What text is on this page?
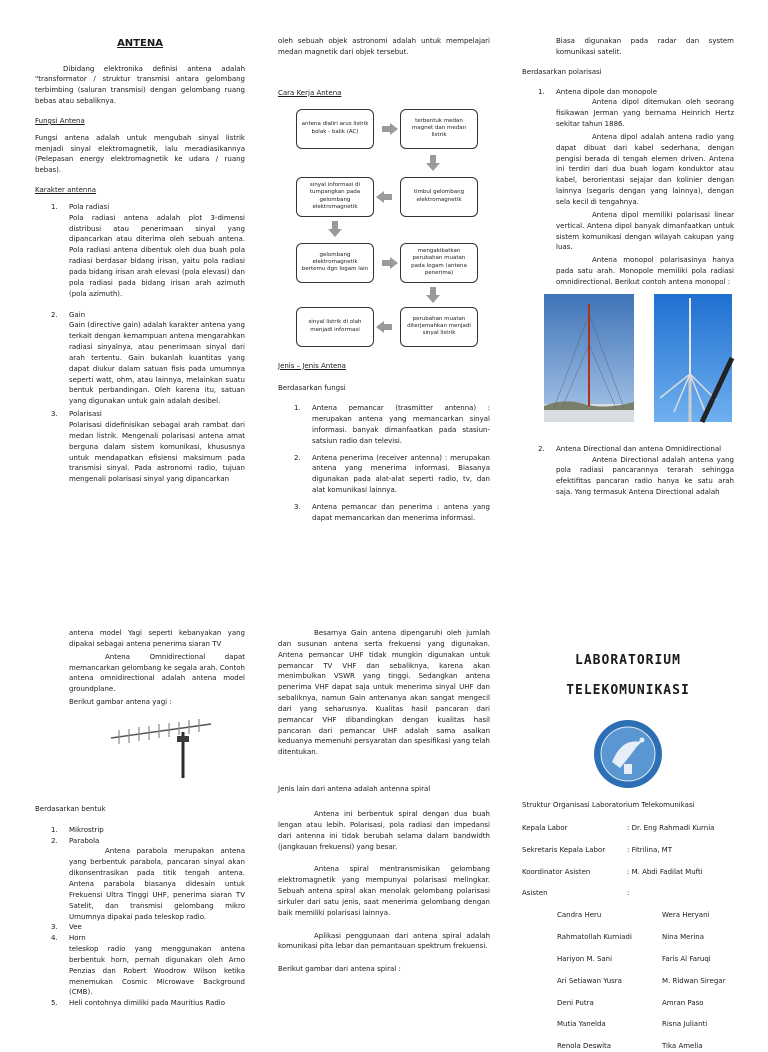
ANTENA
Dibidang elektronika definisi antena adalah "transformator / struktur transmisi antara gelombang terbimbing (saluran transmisi) dengan gelombang ruang bebas atau sebaliknya.
Fungsi Antena
Fungsi antena adalah untuk mengubah sinyal listrik menjadi sinyal elektromagnetik, lalu meradiasikannya (Pelepasan energy elektromagnetik ke udara / ruang bebas).
Karakter antenna
1. Pola radiasi
Pola radiasi antena adalah plot 3-dimensi distribusi atau penerimaan sinyal yang dipancarkan atau diterima oleh sebuah antena. Pola radiasi antena dibentuk oleh dua buah pola radiasi berdasar bidang irisan, yaitu pola radiasi pada bidang irisan arah elevasi (pola elevasi) dan pola radiasi pada bidang irisan arah azimuth (pola azimuth).
2. Gain
Gain (directive gain) adalah karakter antena yang terkait dengan kemampuan antena mengarahkan radiasi sinyalnya, atau penerimaan sinyal dari arah tertentu. Gain bukanlah kuantitas yang dapat diukur dalam satuan fisis pada umumnya seperti watt, ohm, atau lainnya, melainkan suatu bentuk perbandingan. Oleh karena itu, satuan yang digunakan untuk gain adalah desibel.
3. Polarisasi
Polarisasi didefinisikan sebagai arah rambat dari medan listrik. Mengenali polarisasi antena amat berguna dalam sistem komunikasi, khususnya untuk mendapatkan efisiensi maksimum pada transmisi sinyal. Pada astronomi radio, tujuan mengenali polarisasi sinyal yang dipancarkan
oleh sebuah objek astronomi adalah untuk mempelajari medan magnetik dari objek tersebut.
Cara Kerja Antena
antena dialiri arus listrik bolak - balik (AC)
terbentuk medan magnet dan medan listrik
sinyal informasi di tumpangkan pada gelombang elektromagnetik
timbul gelombang elektromagnetik
gelombang elektromagnetik bertemu dgn logam lain
mengakibatkan perubahan muatan pada logam (antena penerima)
sinyal listrik di olah menjadi informasi
perubahan muatan diterjemahkan menjadi sinyal listrik
Jenis – Jenis Antena
Berdasarkan fungsi
1. Antena pemancar (trasmitter antenna) : merupakan antena yang memancarkan sinyal informasi. banyak dimanfaatkan pada stasiun-satsiun radio dan televisi.
2. Antena penerima (receiver antenna) : merupakan antena yang menerima informasi. Biasanya digunakan pada alat-alat seperti radio, tv, dan alat komunikasi lainnya.
3. Antena pemancar dan penerima : antena yang dapat memancarkan dan menerima informasi.
Biasa digunakan pada radar dan system komunikasi satelit.
Berdasarkan polarisasi
1. Antena dipole dan monopole
Antena dipol ditemukan oleh seorang fisikawan Jerman yang bernama Heinrich Hertz sekitar tahun 1886.
Antena dipol adalah antena radio yang dapat dibuat dari kabel sederhana, dengan pengisi berada di tengah elemen driven. Antena ini terdiri dari dua buah logam konduktor atau kabel, berorientasi sejajar dan kolinier dengan lainnya (segaris dengan yang lainnya), dengan sela kecil di tengahnya.
Antena dipol memiliki polarisasi linear vertical. Antena dipol banyak dimanfaatkan untuk sistem komunikasi dengan wilayah cakupan yang luas.
Antena monopol polarisasinya hanya pada satu arah. Monopole memiliki pola radiasi omnidirectional. Berikut contoh antena monopol :
2. Antena Directional dan antena Omnidirectional
Antena Directional adalah antena yang pola radiasi pancarannya terarah sehingga efektifitas pancaran radio hanya ke satu arah saja. Yang termasuk Antena Directional adalah
antena model Yagi seperti kebanyakan yang dipakai sebagai antena penerima siaran TV
Antena Omnidirectional dapat memancarkan gelombang ke segala arah. Contoh antena omnidirectional adalah antena model groundplane.
Berikut gambar antena yagi :
Berdasarkan bentuk
1. Mikrostrip
2. Parabola
Antena parabola merupakan antena yang berbentuk parabola, pancaran sinyal akan dikonsentrasikan pada titik tengah antena. Antena parabola biasanya didesain untuk Frekuensi Ultra Tinggi UHF, penerima siaran TV Satelit, dan transmisi gelombang mikro Umumnya dipakai pada teleskop radio.
3. Vee
4. Horn
teleskop radio yang menggunakan antena berbentuk horn, pernah digunakan oleh Arno Penzias dan Robert Woodrow Wilson ketika menemukan Cosmic Microwave Background (CMB).
5. Heli contohnya dimiliki pada Mauritius Radio
Besarnya Gain antena dipengaruhi oleh jumlah dan susunan antena serta frekuensi yang digunakan. Antena pemancar UHF tidak mungkin digunakan untuk pemancar TV VHF dan sebaliknya, karena akan menimbulkan VSWR yang tinggi. Sedangkan antena penerima VHF dapat saja untuk menerima sinyal UHF dan sebaliknya, namun Gain antenanya akan sangat mengecil dari yang seharusnya. Kualitas hasil pancaran dari pemancar VHF dibandingkan dengan kualitas hasil pancaran dari pemancar UHF adalah sama asalkan keduanya memenuhi persyaratan dan spesifikasi yang telah ditentukan.
Jenis lain dari antena adalah antenna spiral
Antena ini berbentuk spiral dengan dua buah lengan atau lebih. Polarisasi, pola radiasi dan impedansi dari antenna ini tidak berubah selama dalam bandwidth (jangkauan frekuensi) yang besar.
Antena spiral mentransmisikan gelombang elektromagnetik yang mempunyai polarisasi melingkar. Sebuah antena spiral akan menolak gelombang polarisasi sirkuler dari satu jenis, saat menerima gelombang dengan baik memiliki polarisasi lainnya.
Aplikasi penggunaan dari antena spiral adalah komunikasi pita lebar dan pemantauan spektrum frekuensi.
Berikut gambar dari antena spiral :
LABORATORIUM
TELEKOMUNIKASI
Struktur Organisasi Laboratorium Telekomunikasi
Kepala Labor	: Dr. Eng Rahmadi Kurnia
Sekretaris Kepala Labor	: Fitrilina, MT
Koordinator Asisten	: M. Abdi Fadilat Mufti
Asisten	:
Candra Heru	Wera Heryani
Rahmatollah Kurniadi	Nina Merina
Hariyon M. Sani	Faris Al Faruqi
Ari Setiawan Yusra	M. Ridwan Siregar
Deni Putra	Amran Paso
Mutia Yanelda	Risna Julianti
Renola Deswita	Tika Amelia
